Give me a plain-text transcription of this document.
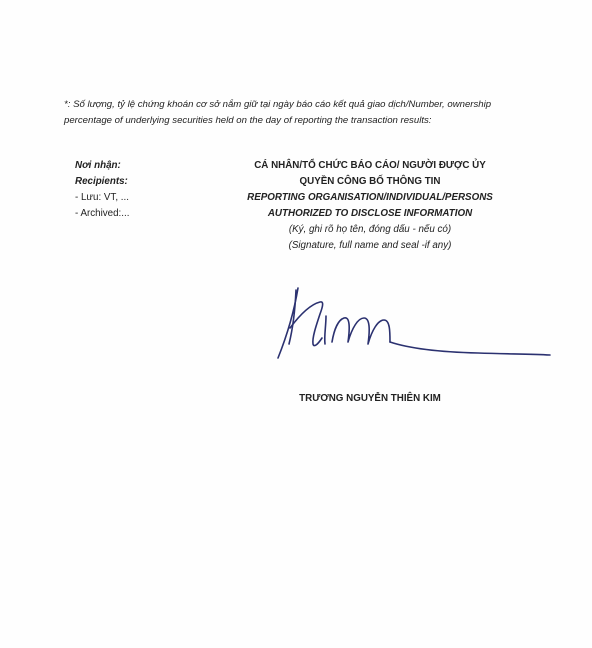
*: Số lượng, tỷ lệ chứng khoán cơ sở nắm giữ tại ngày báo cáo kết quả giao dịch/Number, ownership
percentage of underlying securities held on the day of reporting the transaction results:
Nơi nhận:
Recipients:
- Lưu: VT, ...
- Archived:...
CÁ NHÂN/TỔ CHỨC BÁO CÁO/ NGƯỜI ĐƯỢC ỦY
QUYỀN CÔNG BỐ THÔNG TIN
REPORTING ORGANISATION/INDIVIDUAL/PERSONS
AUTHORIZED TO DISCLOSE INFORMATION
(Ký, ghi rõ họ tên, đóng dấu - nếu có)
(Signature, full name and seal -if any)
TRƯƠNG NGUYỄN THIÊN KIM
